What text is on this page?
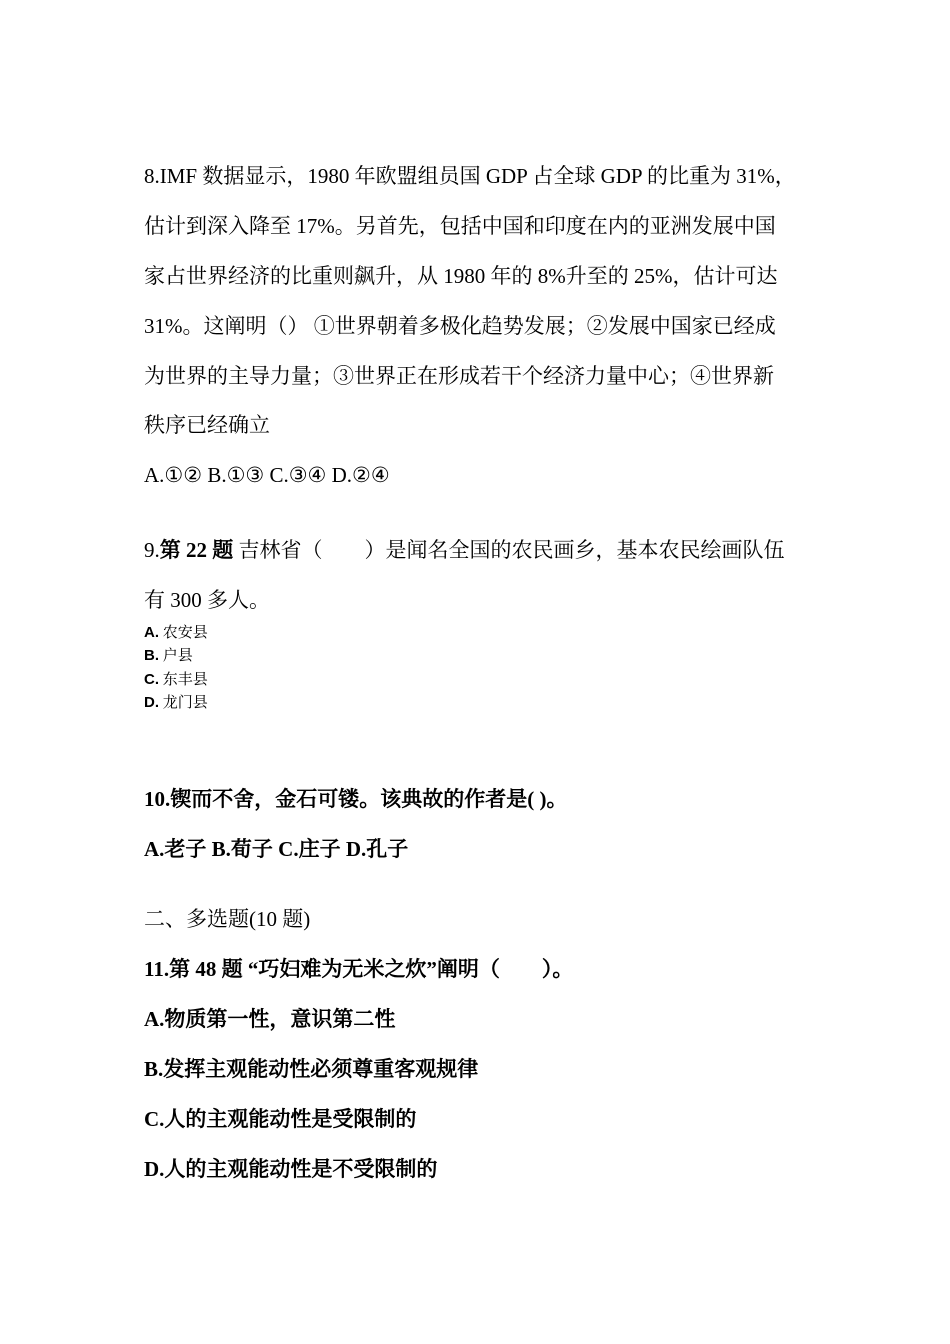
8.IMF 数据显示，1980 年欧盟组员国 GDP 占全球 GDP 的比重为 31%，
估计到深入降至 17%。另首先，包括中国和印度在内的亚洲发展中国
家占世界经济的比重则飙升，从 1980 年的 8%升至的 25%，估计可达
31%。这阐明（） ①世界朝着多极化趋势发展；②发展中国家已经成
为世界的主导力量；③世界正在形成若干个经济力量中心；④世界新
秩序已经确立
A.①② B.①③ C.③④ D.②④
9.第 22 题 吉林省（　　）是闻名全国的农民画乡，基本农民绘画队伍
有 300 多人。
A. 农安县
B. 户县
C. 东丰县
D. 龙门县
10.锲而不舍，金石可镂。该典故的作者是( )。
A.老子 B.荀子 C.庄子 D.孔子
二、多选题(10 题)
11.第 48 题 “巧妇难为无米之炊”阐明（　　）。
A.物质第一性，意识第二性
B.发挥主观能动性必须尊重客观规律
C.人的主观能动性是受限制的
D.人的主观能动性是不受限制的
